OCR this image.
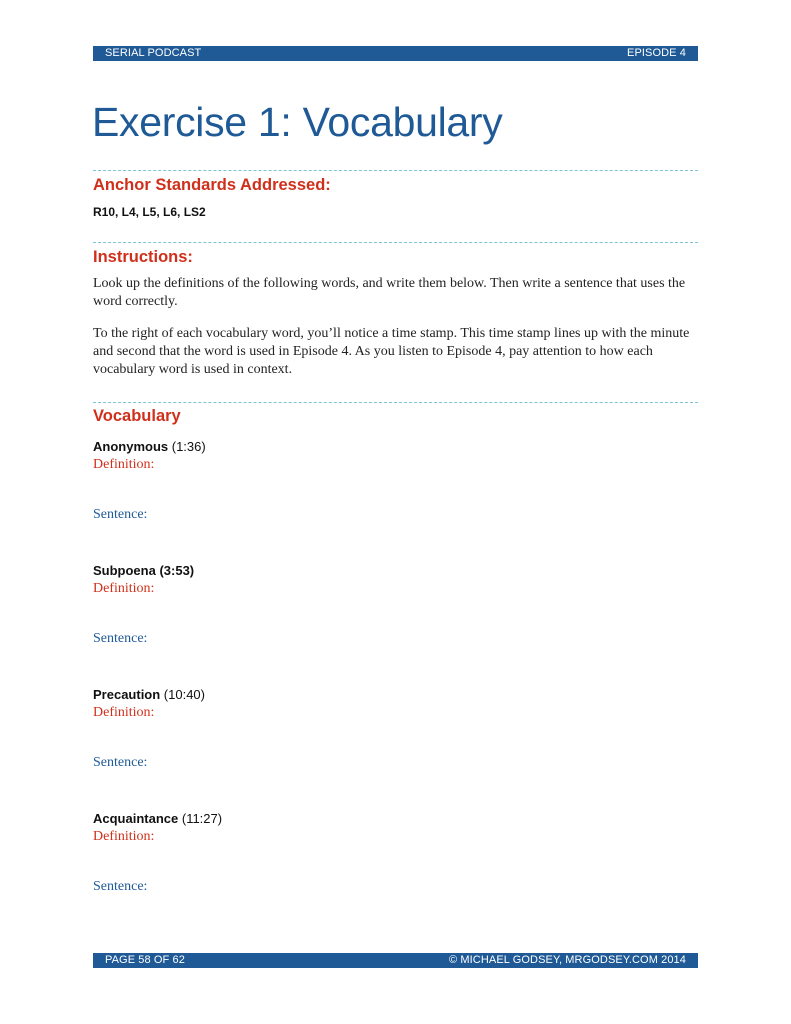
SERIAL PODCAST	EPISODE 4
Exercise 1: Vocabulary
Anchor Standards Addressed:
R10, L4, L5, L6, LS2
Instructions:

Look up the definitions of the following words, and write them below. Then write a sentence that uses the word correctly.

To the right of each vocabulary word, you’ll notice a time stamp. This time stamp lines up with the minute and second that the word is used in Episode 4. As you listen to Episode 4, pay attention to how each vocabulary word is used in context.

Vocabulary
Anonymous (1:36)
Definition:
Sentence:
Subpoena (3:53)
Definition:
Sentence:
Precaution (10:40)
Definition:
Sentence:
Acquaintance (11:27)
Definition:
Sentence:
PAGE 58 OF 62	© MICHAEL GODSEY, MRGODSEY.COM 2014
